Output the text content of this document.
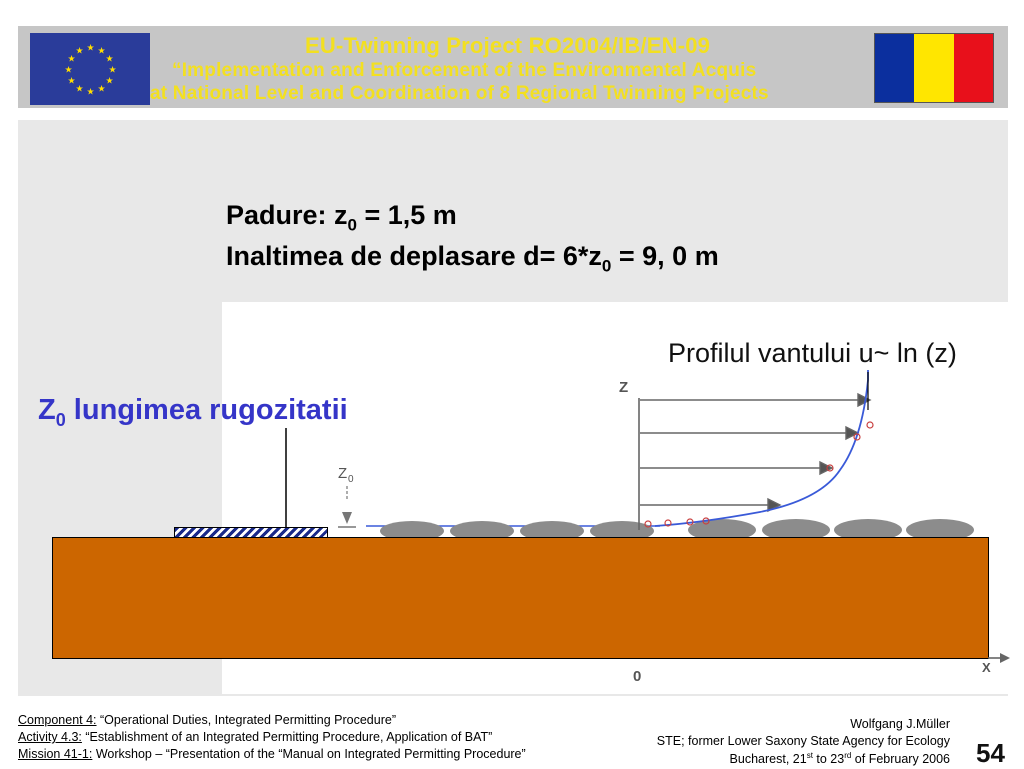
★ ★
★
★
★
★
★
★
★
★
★
★	EU-Twinning Project RO2004/IB/EN-09
“Implementation and Enforcement of the Environmental Acquis
at National Level and Coordination of 8 Regional Twinning Projects
Padure: $z_0 = 1,5$ m
Inaltimea de deplasare $d= 6*z_0 = 9$, 0 m
Profilul vantului u~ ln (z)
$Z_0$ lungimea rugozitatii
Z 0
Z
X
0
Component 4: “Operational Duties, Integrated Permitting Procedure”
Activity 4.3: “Establishment of an Integrated Permitting Procedure, Application of BAT”
Mission 41-1: Workshop – “Presentation of the “Manual on Integrated Permitting Procedure”
Wolfgang J.Müller
STE; former Lower Saxony State Agency for Ecology
Bucharest, 21st to 23rd of February 2006 54
